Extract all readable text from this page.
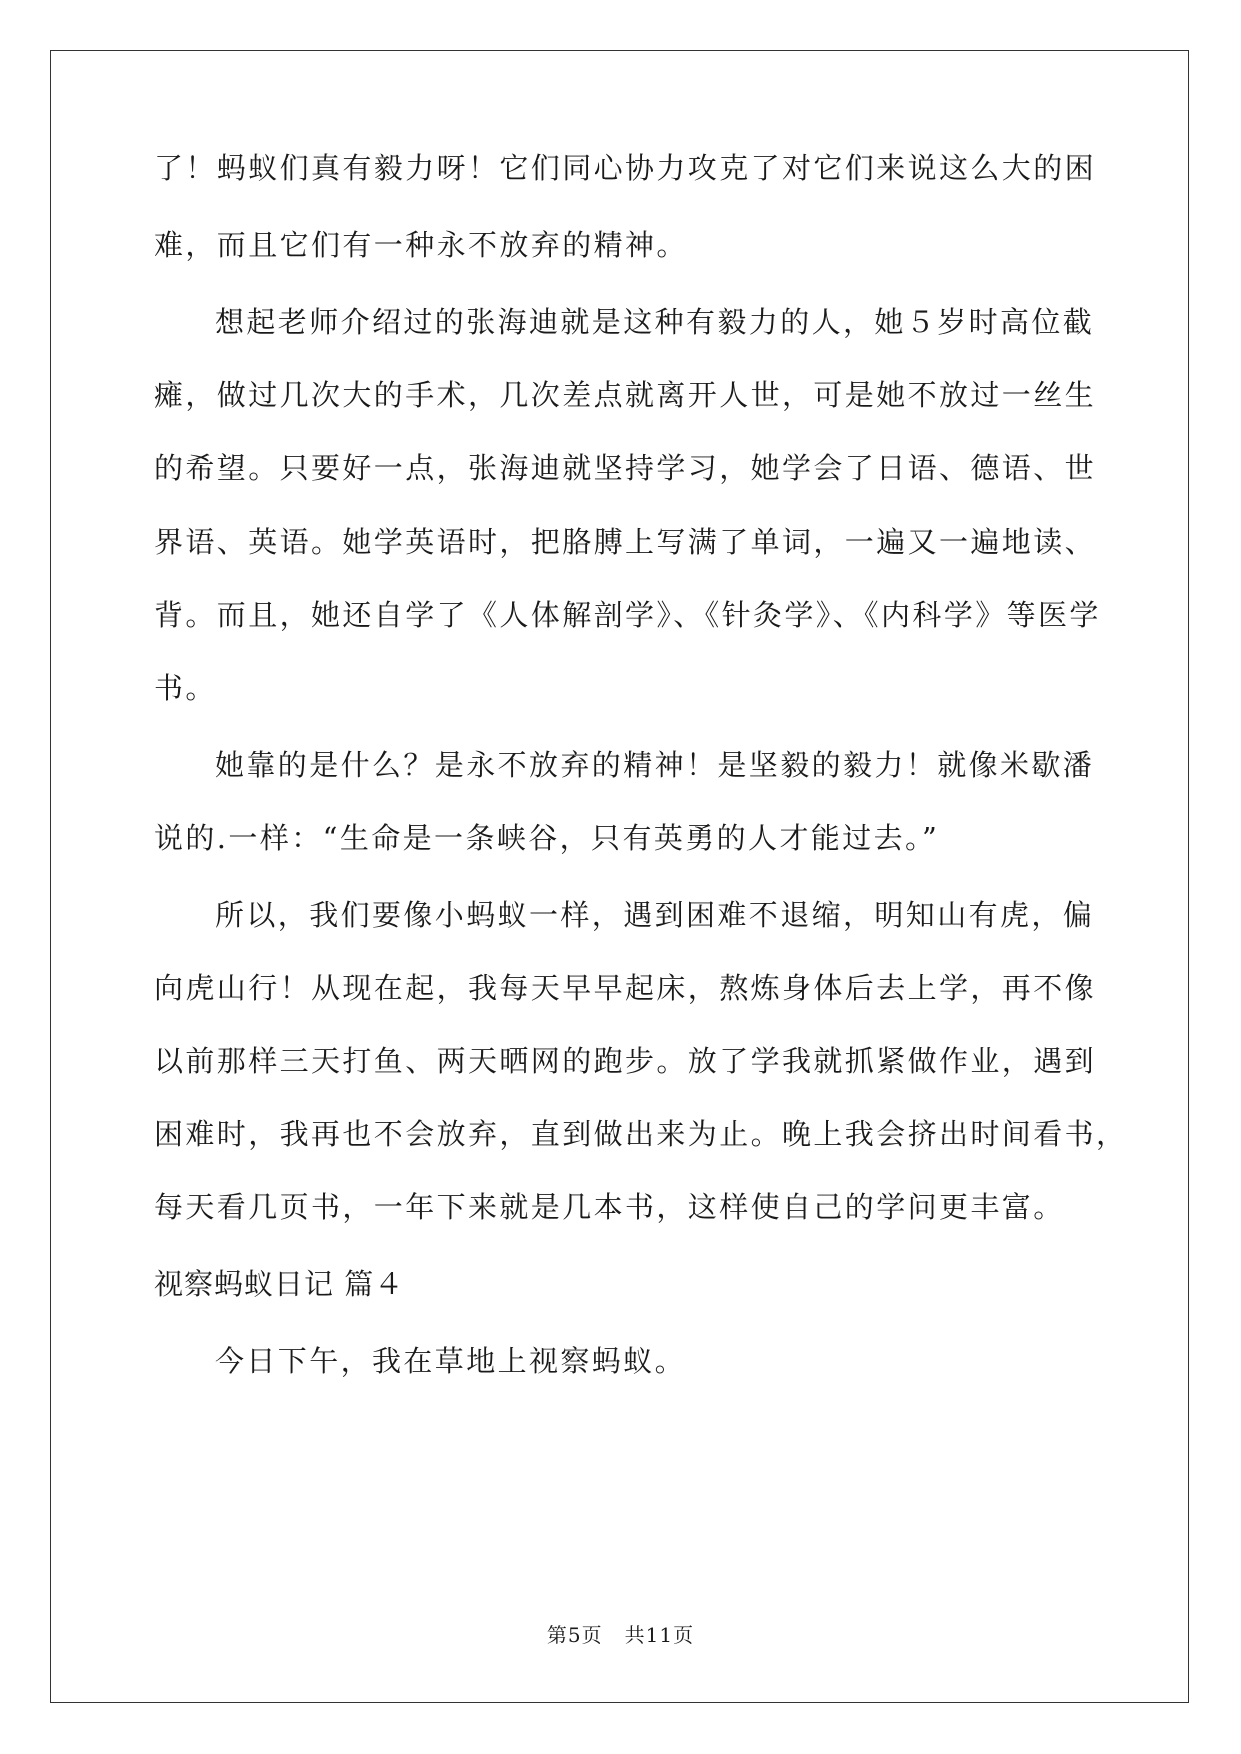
了！蚂蚁们真有毅力呀！它们同心协力攻克了对它们来说这么大的困
难，而且它们有一种永不放弃的精神。
想起老师介绍过的张海迪就是这种有毅力的人，她５岁时高位截
瘫，做过几次大的手术，几次差点就离开人世，可是她不放过一丝生
的希望。只要好一点，张海迪就坚持学习，她学会了日语、德语、世
界语、英语。她学英语时，把胳膊上写满了单词，一遍又一遍地读、
背。而且，她还自学了《人体解剖学》、《针灸学》、《内科学》等医学
书。
她靠的是什么？是永不放弃的精神！是坚毅的毅力！就像米歇潘
说的.一样：“生命是一条峡谷，只有英勇的人才能过去。”
所以，我们要像小蚂蚁一样，遇到困难不退缩，明知山有虎，偏
向虎山行！从现在起，我每天早早起床，熬炼身体后去上学，再不像
以前那样三天打鱼、两天晒网的跑步。放了学我就抓紧做作业，遇到
困难时，我再也不会放弃，直到做出来为止。晚上我会挤出时间看书，
每天看几页书，一年下来就是几本书，这样使自己的学问更丰富。
视察蚂蚁日记 篇４
今日下午，我在草地上视察蚂蚁。
第5页   共11页
